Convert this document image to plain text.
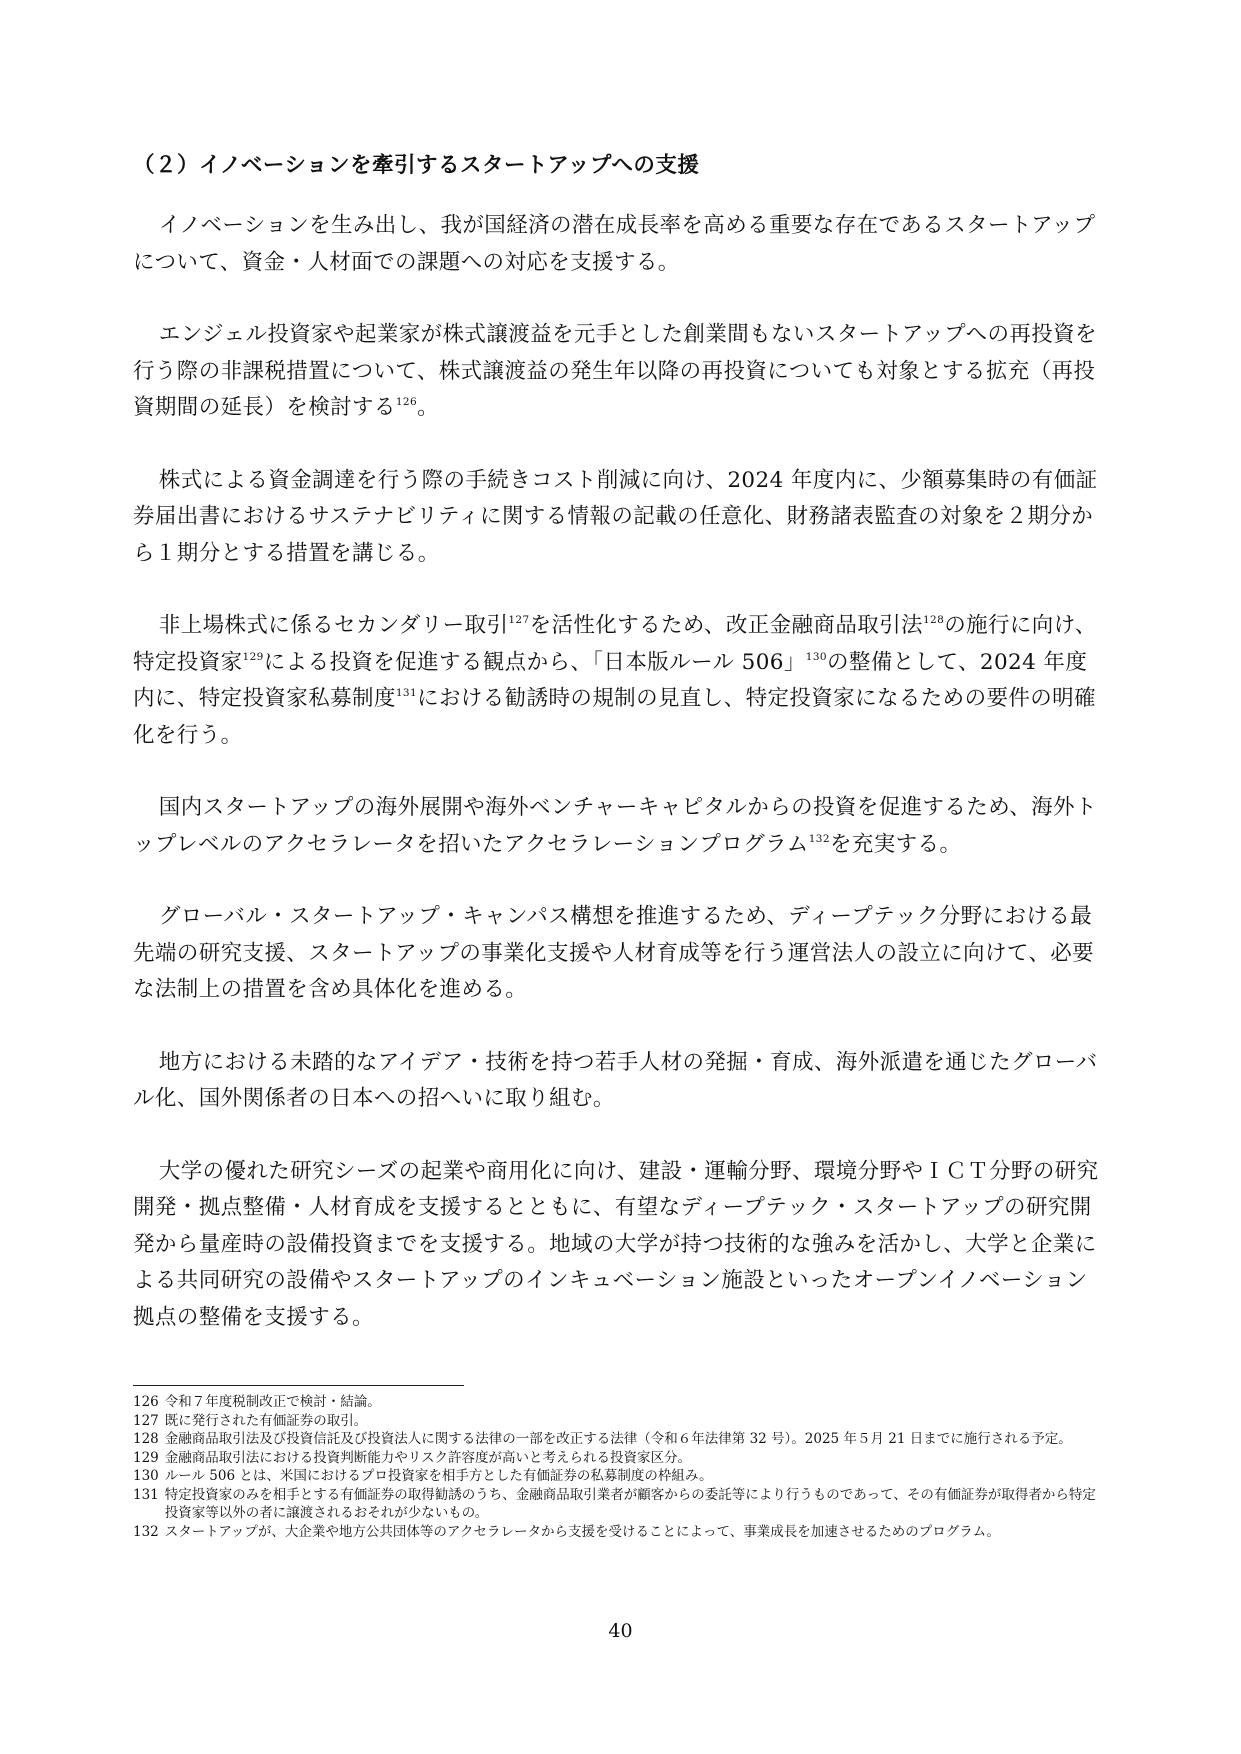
（２）イノベーションを牽引するスタートアップへの支援

イノベーションを生み出し、我が国経済の潜在成長率を高める重要な存在であるスタートアップについて、資金・人材面での課題への対応を支援する。

エンジェル投資家や起業家が株式譲渡益を元手とした創業間もないスタートアップへの再投資を行う際の非課税措置について、株式譲渡益の発生年以降の再投資についても対象とする拡充（再投資期間の延長）を検討する$^{126}$。

株式による資金調達を行う際の手続きコスト削減に向け、2024 年度内に、少額募集時の有価証券届出書におけるサステナビリティに関する情報の記載の任意化、財務諸表監査の対象を２期分から１期分とする措置を講じる。

非上場株式に係るセカンダリー取引$^{127}$を活性化するため、改正金融商品取引法$^{128}$の施行に向け、特定投資家$^{129}$による投資を促進する観点から、「日本版ルール 506」$^{130}$の整備として、2024 年度内に、特定投資家私募制度$^{131}$における勧誘時の規制の見直し、特定投資家になるための要件の明確化を行う。

国内スタートアップの海外展開や海外ベンチャーキャピタルからの投資を促進するため、海外トップレベルのアクセラレータを招いたアクセラレーションプログラム$^{132}$を充実する。

グローバル・スタートアップ・キャンパス構想を推進するため、ディープテック分野における最先端の研究支援、スタートアップの事業化支援や人材育成等を行う運営法人の設立に向けて、必要な法制上の措置を含め具体化を進める。

地方における未踏的なアイデア・技術を持つ若手人材の発掘・育成、海外派遣を通じたグローバル化、国外関係者の日本への招へいに取り組む。

大学の優れた研究シーズの起業や商用化に向け、建設・運輸分野、環境分野やＩＣＴ分野の研究開発・拠点整備・人材育成を支援するとともに、有望なディープテック・スタートアップの研究開発から量産時の設備投資までを支援する。地域の大学が持つ技術的な強みを活かし、大学と企業による共同研究の設備やスタートアップのインキュベーション施設といったオープンイノベーション拠点の整備を支援する。

126 令和７年度税制改正で検討・結論。
127 既に発行された有価証券の取引。
128 金融商品取引法及び投資信託及び投資法人に関する法律の一部を改正する法律（令和６年法律第 32 号）。2025 年５月 21 日までに施行される予定。
129 金融商品取引法における投資判断能力やリスク許容度が高いと考えられる投資家区分。
130 ルール 506 とは、米国におけるプロ投資家を相手方とした有価証券の私募制度の枠組み。
131 特定投資家のみを相手とする有価証券の取得勧誘のうち、金融商品取引業者が顧客からの委託等により行うものであって、その有価証券が取得者から特定投資家等以外の者に譲渡されるおそれが少ないもの。
132 スタートアップが、大企業や地方公共団体等のアクセラレータから支援を受けることによって、事業成長を加速させるためのプログラム。
40
